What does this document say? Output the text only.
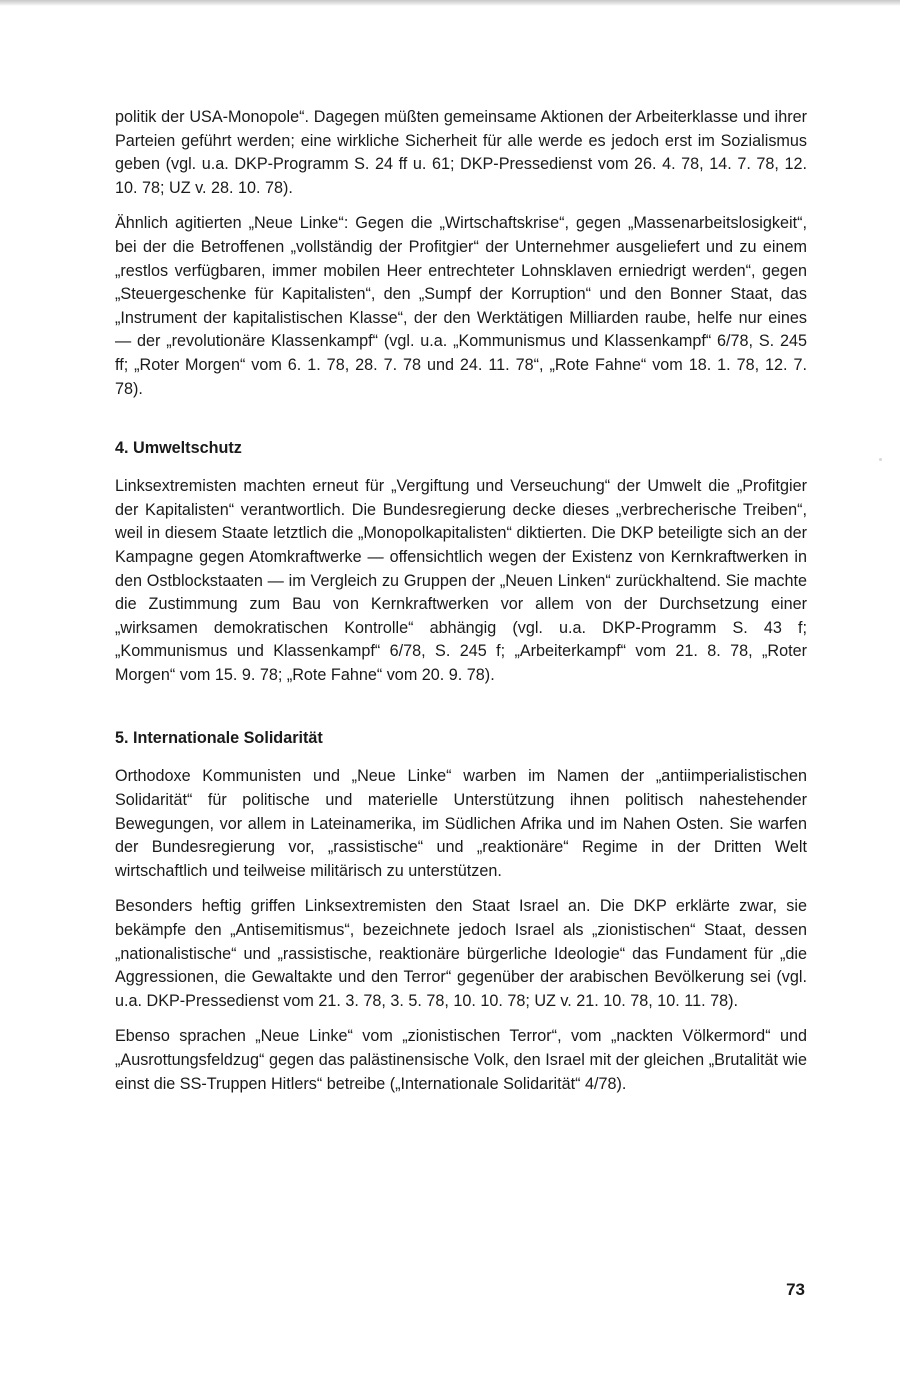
politik der USA-Monopole“. Dagegen müßten gemeinsame Aktionen der Arbeiterklasse und ihrer Parteien geführt werden; eine wirkliche Sicherheit für alle werde es jedoch erst im Sozialismus geben (vgl. u.a. DKP-Programm S. 24 ff u. 61; DKP-Pressedienst vom 26. 4. 78, 14. 7. 78, 12. 10. 78; UZ v. 28. 10. 78).

Ähnlich agitierten „Neue Linke“: Gegen die „Wirtschaftskrise“, gegen „Massenarbeitslosigkeit“, bei der die Betroffenen „vollständig der Profitgier“ der Unternehmer ausgeliefert und zu einem „restlos verfügbaren, immer mobilen Heer entrechteter Lohnsklaven erniedrigt werden“, gegen „Steuergeschenke für Kapitalisten“, den „Sumpf der Korruption“ und den Bonner Staat, das „Instrument der kapitalistischen Klasse“, der den Werktätigen Milliarden raube, helfe nur eines — der „revolutionäre Klassenkampf“ (vgl. u.a. „Kommunismus und Klassenkampf“ 6/78, S. 245 ff; „Roter Morgen“ vom 6. 1. 78, 28. 7. 78 und 24. 11. 78“, „Rote Fahne“ vom 18. 1. 78, 12. 7. 78).

4. Umweltschutz

Linksextremisten machten erneut für „Vergiftung und Verseuchung“ der Umwelt die „Profitgier der Kapitalisten“ verantwortlich. Die Bundesregierung decke dieses „verbrecherische Treiben“, weil in diesem Staate letztlich die „Monopolkapitalisten“ diktierten. Die DKP beteiligte sich an der Kampagne gegen Atomkraftwerke — offensichtlich wegen der Existenz von Kernkraftwerken in den Ostblockstaaten — im Vergleich zu Gruppen der „Neuen Linken“ zurückhaltend. Sie machte die Zustimmung zum Bau von Kernkraftwerken vor allem von der Durchsetzung einer „wirksamen demokratischen Kontrolle“ abhängig (vgl. u.a. DKP-Programm S. 43 f; „Kommunismus und Klassenkampf“ 6/78, S. 245 f; „Arbeiterkampf“ vom 21. 8. 78, „Roter Morgen“ vom 15. 9. 78; „Rote Fahne“ vom 20. 9. 78).

5. Internationale Solidarität

Orthodoxe Kommunisten und „Neue Linke“ warben im Namen der „antiimperialistischen Solidarität“ für politische und materielle Unterstützung ihnen politisch nahestehender Bewegungen, vor allem in Lateinamerika, im Südlichen Afrika und im Nahen Osten. Sie warfen der Bundesregierung vor, „rassistische“ und „reaktionäre“ Regime in der Dritten Welt wirtschaftlich und teilweise militärisch zu unterstützen.

Besonders heftig griffen Linksextremisten den Staat Israel an. Die DKP erklärte zwar, sie bekämpfe den „Antisemitismus“, bezeichnete jedoch Israel als „zionistischen“ Staat, dessen „nationalistische“ und „rassistische, reaktionäre bürgerliche Ideologie“ das Fundament für „die Aggressionen, die Gewaltakte und den Terror“ gegenüber der arabischen Bevölkerung sei (vgl. u.a. DKP-Pressedienst vom 21. 3. 78, 3. 5. 78, 10. 10. 78; UZ v. 21. 10. 78, 10. 11. 78).

Ebenso sprachen „Neue Linke“ vom „zionistischen Terror“, vom „nackten Völkermord“ und „Ausrottungsfeldzug“ gegen das palästinensische Volk, den Israel mit der gleichen „Brutalität wie einst die SS-Truppen Hitlers“ betreibe („Internationale Solidarität“ 4/78).

73
